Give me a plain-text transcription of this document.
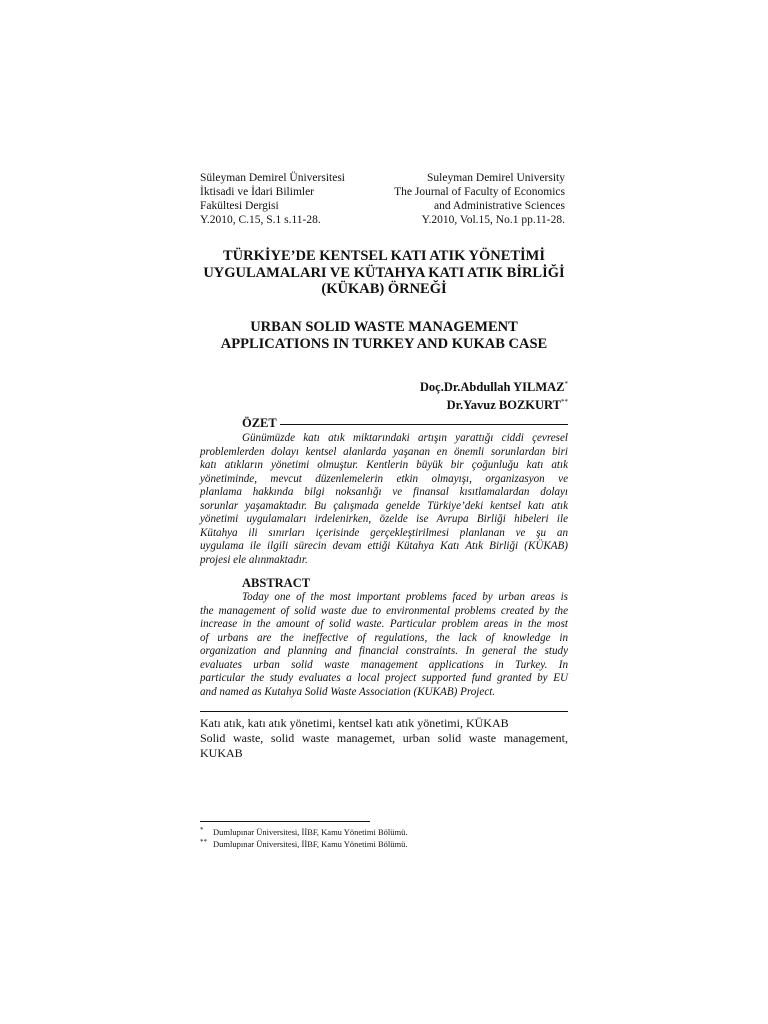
Süleyman Demirel Üniversitesi
İktisadi ve İdari Bilimler
Fakültesi Dergisi
Y.2010, C.15, S.1 s.11-28.
Suleyman Demirel University
The Journal of Faculty of Economics
and Administrative Sciences
Y.2010, Vol.15, No.1 pp.11-28.
TÜRKİYE’DE KENTSEL KATI ATIK YÖNETİMİ
UYGULAMALARI VE KÜTAHYA KATI ATIK BİRLİĞİ
(KÜKAB) ÖRNEĞİ
URBAN SOLID WASTE MANAGEMENT
APPLICATIONS IN TURKEY AND KUKAB CASE
Doç.Dr.Abdullah YILMAZ*
Dr.Yavuz BOZKURT**
ÖZET
Günümüzde katı atık miktarındaki artışın yarattığı ciddi çevresel
problemlerden dolayı kentsel alanlarda yaşanan en önemli sorunlardan biri
katı atıkların yönetimi olmuştur. Kentlerin büyük bir çoğunluğu katı atık
yönetiminde, mevcut düzenlemelerin etkin olmayışı, organizasyon ve
planlama hakkında bilgi noksanlığı ve finansal kısıtlamalardan dolayı
sorunlar yaşamaktadır. Bu çalışmada genelde Türkiye’deki kentsel katı atık
yönetimi uygulamaları irdelenirken, özelde ise Avrupa Birliği hibeleri ile
Kütahya ili sınırları içerisinde gerçekleştirilmesi planlanan ve şu an
uygulama ile ilgili sürecin devam ettiği Kütahya Katı Atık Birliği (KÜKAB)
projesi ele alınmaktadır.
ABSTRACT
Today one of the most important problems faced by urban areas is
the management of solid waste due to environmental problems created by the
increase in the amount of solid waste. Particular problem areas in the most
of urbans are the ineffective of regulations, the lack of knowledge in
organization and planning and financial constraints. In general the study
evaluates urban solid waste management applications in Turkey. In
particular the study evaluates a local project supported fund granted by EU
and named as Kutahya Solid Waste Association (KUKAB) Project.
Katı atık, katı atık yönetimi, kentsel katı atık yönetimi, KÜKAB
Solid waste, solid waste managemet, urban solid waste management,
KUKAB
* Dumlupınar Üniversitesi, İİBF, Kamu Yönetimi Bölümü.
** Dumlupınar Üniversitesi, İİBF, Kamu Yönetimi Bölümü.
